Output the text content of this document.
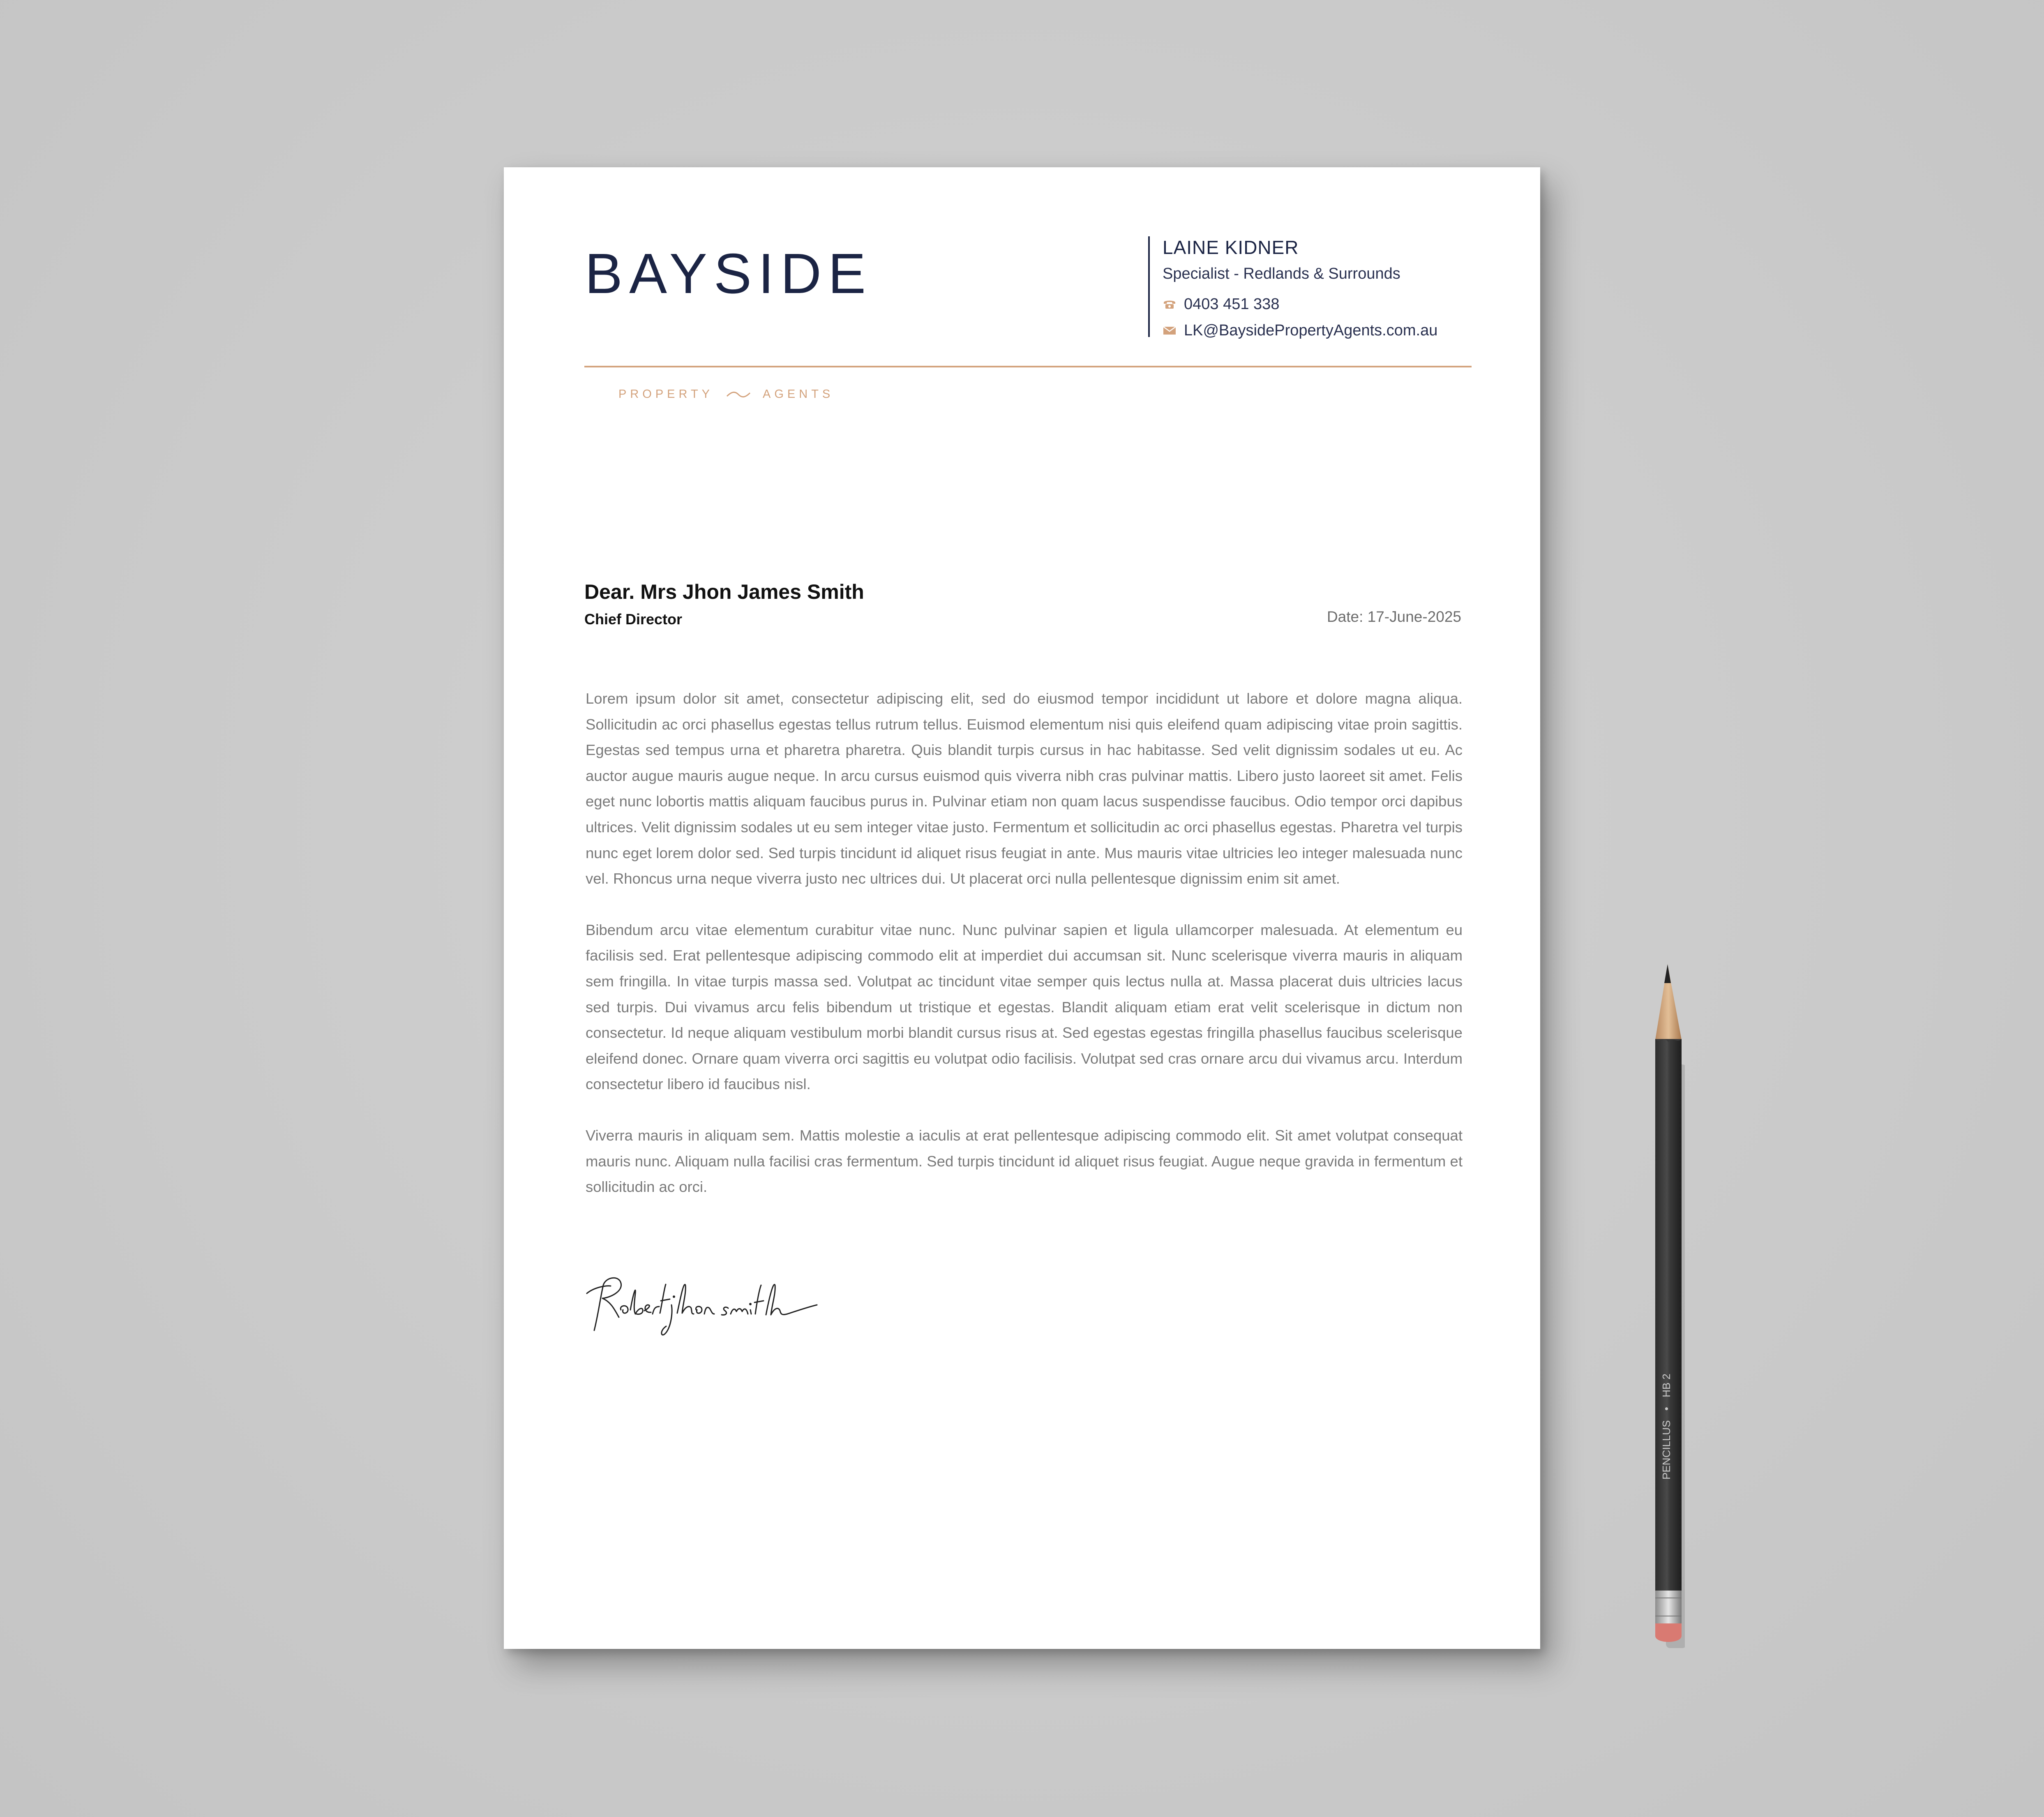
BAYSIDE
PROPERTY	AGENTS
LAINE KIDNER
Specialist - Redlands & Surrounds
0403 451 338
LK@BaysidePropertyAgents.com.au
Dear. Mrs Jhon James Smith
Chief Director	Date: 17-June-2025

Lorem ipsum dolor sit amet, consectetur adipiscing elit, sed do eiusmod tempor incididunt ut labore et dolore magna aliqua. Sollicitudin ac orci phasellus egestas tellus rutrum tellus. Euismod elementum nisi quis eleifend quam adipiscing vitae proin sagittis. Egestas sed tempus urna et pharetra pharetra. Quis blandit turpis cursus in hac habitasse. Sed velit dignissim sodales ut eu. Ac auctor augue mauris augue neque. In arcu cursus euismod quis viverra nibh cras pulvinar mattis. Libero justo laoreet sit amet. Felis eget nunc lobortis mattis aliquam faucibus purus in. Pulvinar etiam non quam lacus suspendisse faucibus. Odio tempor orci dapibus ultrices. Velit dignissim sodales ut eu sem integer vitae justo. Fermentum et sollicitudin ac orci phasellus egestas. Pharetra vel turpis nunc eget lorem dolor sed. Sed turpis tincidunt id aliquet risus feugiat in ante. Mus mauris vitae ultricies leo integer malesuada nunc vel. Rhoncus urna neque viverra justo nec ultrices dui. Ut placerat orci nulla pellentesque dignissim enim sit amet.

Bibendum arcu vitae elementum curabitur vitae nunc. Nunc pulvinar sapien et ligula ullamcorper malesuada. At elementum eu facilisis sed. Erat pellentesque adipiscing commodo elit at imperdiet dui accumsan sit. Nunc scelerisque viverra mauris in aliquam sem fringilla. In vitae turpis massa sed. Volutpat ac tincidunt vitae semper quis lectus nulla at. Massa placerat duis ultricies lacus sed turpis. Dui vivamus arcu felis bibendum ut tristique et egestas. Blandit aliquam etiam erat velit scelerisque in dictum non consectetur. Id neque aliquam vestibulum morbi blandit cursus risus at. Sed egestas egestas fringilla phasellus faucibus scelerisque eleifend donec. Ornare quam viverra orci sagittis eu volutpat odio facilisis. Volutpat sed cras ornare arcu dui vivamus arcu. Interdum consectetur libero id faucibus nisl.

Viverra mauris in aliquam sem. Mattis molestie a iaculis at erat pellentesque adipiscing commodo elit. Sit amet volutpat consequat mauris nunc. Aliquam nulla facilisi cras fermentum. Sed turpis tincidunt id aliquet risus feugiat. Augue neque gravida in fermentum et sollicitudin ac orci.

PENCILLUS • HB 2
